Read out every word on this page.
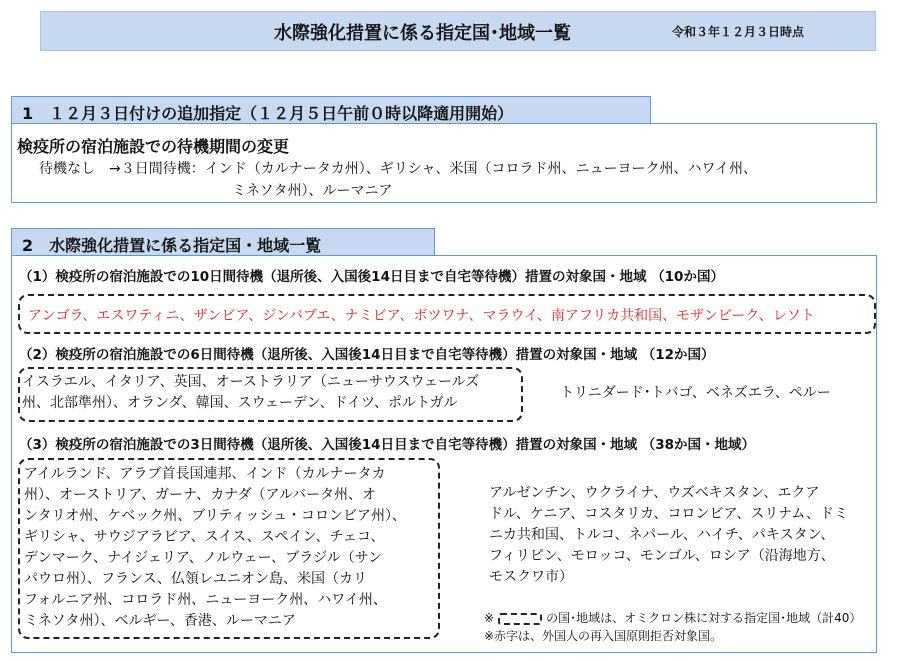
水際強化措置に係る指定国･地域一覧	令和３年１２月３日時点
1　１２月３日付けの追加指定（１２月５日午前０時以降適用開始）
検疫所の宿泊施設での待機期間の変更
待機なし　→３日間待機：インド（カルナータカ州）、ギリシャ、米国（コロラド州、ニューヨーク州、ハワイ州、
ミネソタ州）、ルーマニア
2　水際強化措置に係る指定国・地域一覧
（1）検疫所の宿泊施設での10日間待機（退所後、入国後14日目まで自宅等待機）措置の対象国・地域 （10か国）
アンゴラ、エスワティニ、ザンビア、ジンバブエ、ナミビア、ボツワナ、マラウイ、南アフリカ共和国、モザンビーク、レソト
（2）検疫所の宿泊施設での6日間待機（退所後、入国後14日目まで自宅等待機）措置の対象国・地域 （12か国）
イスラエル、イタリア、英国、オーストラリア（ニューサウスウェールズ
州、北部準州）、オランダ、韓国、スウェーデン、ドイツ、ポルトガル
トリニダード･トバゴ、ベネズエラ、ペルー
（3）検疫所の宿泊施設での3日間待機（退所後、入国後14日目まで自宅等待機）措置の対象国・地域 （38か国・地域）
アイルランド、アラブ首長国連邦、インド（カルナータカ
州）、オーストリア、ガーナ、カナダ（アルバータ州、オ
ンタリオ州、ケベック州、ブリティッシュ・コロンビア州）、
ギリシャ、サウジアラビア、スイス、スペイン、チェコ、
デンマーク、ナイジェリア、ノルウェー、ブラジル（サン
パウロ州）、フランス、仏領レユニオン島、米国（カリ
フォルニア州、コロラド州、ニューヨーク州、ハワイ州、
ミネソタ州）、ベルギー、香港、ルーマニア
アルゼンチン、ウクライナ、ウズベキスタン、エクア
ドル、ケニア、コスタリカ、コロンビア、スリナム、ドミ
ニカ共和国、トルコ、ネパール、ハイチ、パキスタン、
フィリピン、モロッコ、モンゴル、ロシア（沿海地方、
モスクワ市）
※	の国･地域は、オミクロン株に対する指定国･地域（計40）
※赤字は、外国人の再入国原則拒否対象国。
